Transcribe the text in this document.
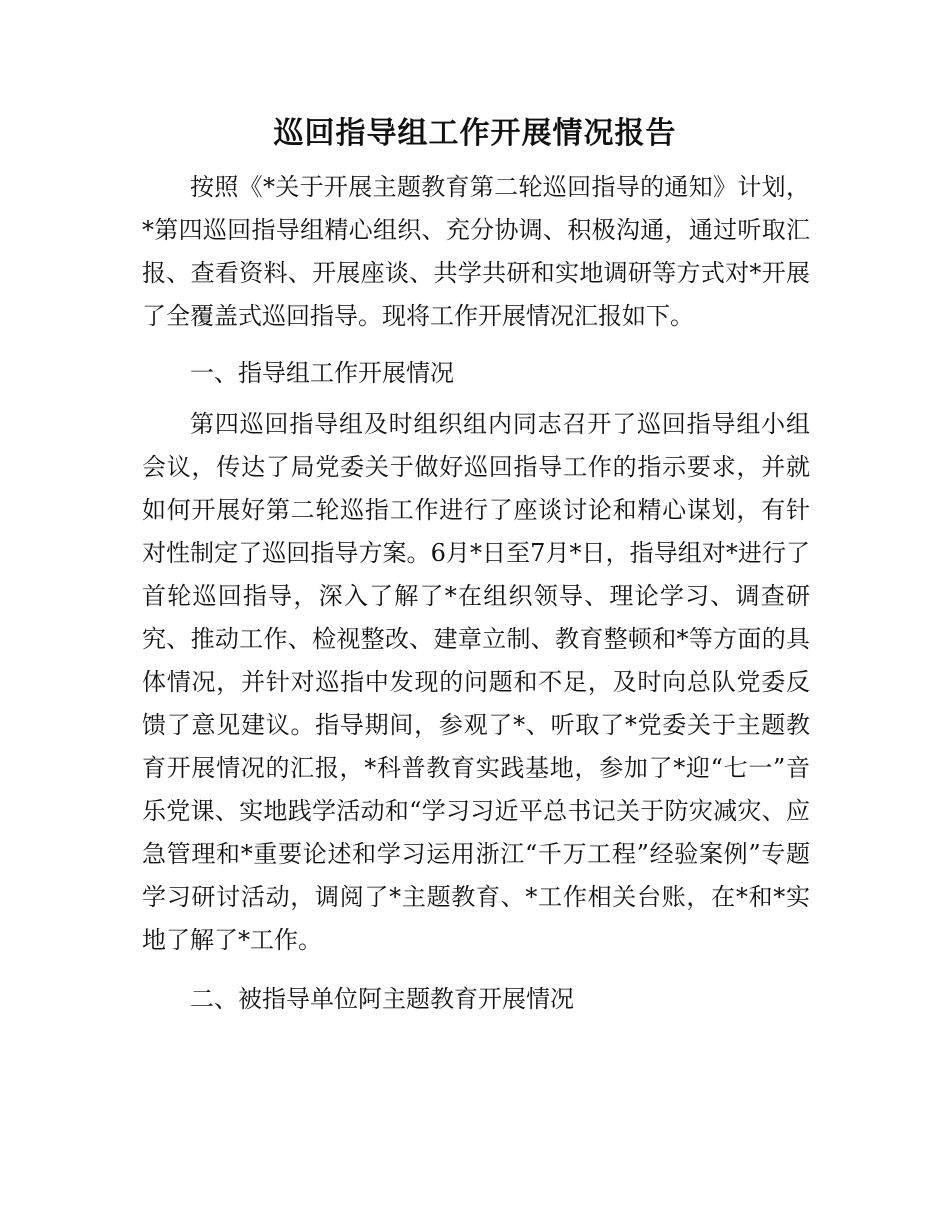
巡回指导组工作开展情况报告

按照《*关于开展主题教育第二轮巡回指导的通知》计划，*第四巡回指导组精心组织、充分协调、积极沟通，通过听取汇报、查看资料、开展座谈、共学共研和实地调研等方式对*开展了全覆盖式巡回指导。现将工作开展情况汇报如下。

一、指导组工作开展情况

第四巡回指导组及时组织组内同志召开了巡回指导组小组会议，传达了局党委关于做好巡回指导工作的指示要求，并就如何开展好第二轮巡指工作进行了座谈讨论和精心谋划，有针对性制定了巡回指导方案。6月*日至7月*日，指导组对*进行了首轮巡回指导，深入了解了*在组织领导、理论学习、调查研究、推动工作、检视整改、建章立制、教育整顿和*等方面的具体情况，并针对巡指中发现的问题和不足，及时向总队党委反馈了意见建议。指导期间，参观了*、听取了*党委关于主题教育开展情况的汇报，*科普教育实践基地，参加了*迎“七一”音乐党课、实地践学活动和“学习习近平总书记关于防灾减灾、应急管理和*重要论述和学习运用浙江“千万工程”经验案例”专题学习研讨活动，调阅了*主题教育、*工作相关台账，在*和*实地了解了*工作。

二、被指导单位阿主题教育开展情况
